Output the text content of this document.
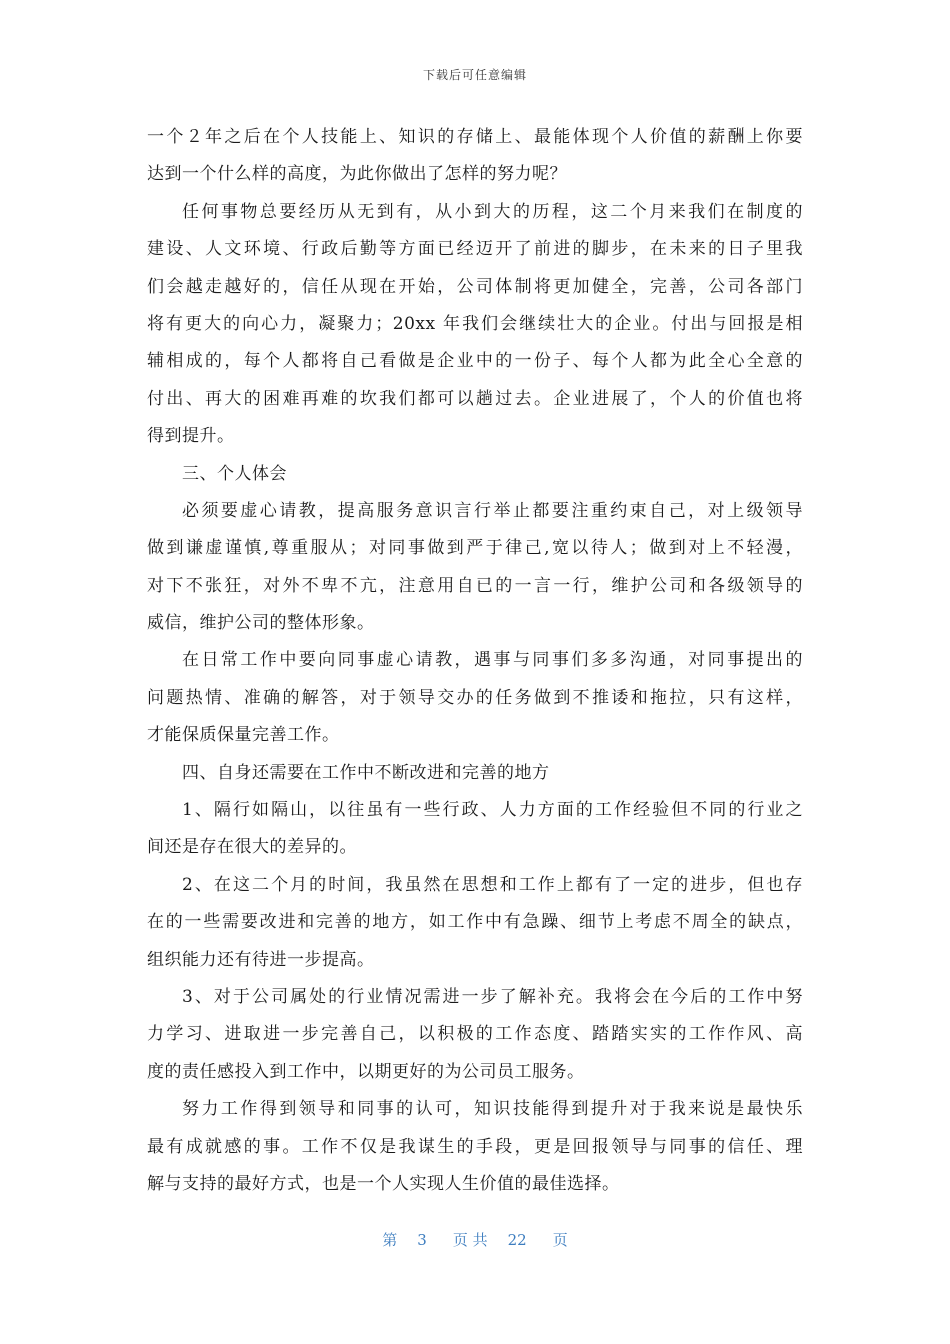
下载后可任意编辑
一个２年之后在个人技能上、知识的存储上、最能体现个人价值的薪酬上你要
达到一个什么样的高度，为此你做出了怎样的努力呢？
任何事物总要经历从无到有，从小到大的历程，这二个月来我们在制度的
建设、人文环境、行政后勤等方面已经迈开了前进的脚步，在未来的日子里我
们会越走越好的，信任从现在开始，公司体制将更加健全，完善，公司各部门
将有更大的向心力，凝聚力；20xx 年我们会继续壮大的企业。付出与回报是相
辅相成的，每个人都将自己看做是企业中的一份子、每个人都为此全心全意的
付出、再大的困难再难的坎我们都可以趟过去。企业进展了，个人的价值也将
得到提升。
三、个人体会
必须要虚心请教，提高服务意识言行举止都要注重约束自己，对上级领导
做到谦虚谨慎,尊重服从；对同事做到严于律己,宽以待人；做到对上不轻漫，
对下不张狂，对外不卑不亢，注意用自已的一言一行，维护公司和各级领导的
威信，维护公司的整体形象。
在日常工作中要向同事虚心请教，遇事与同事们多多沟通，对同事提出的
问题热情、准确的解答，对于领导交办的任务做到不推诿和拖拉，只有这样，
才能保质保量完善工作。
四、自身还需要在工作中不断改进和完善的地方
1、隔行如隔山，以往虽有一些行政、人力方面的工作经验但不同的行业之
间还是存在很大的差异的。
2、在这二个月的时间，我虽然在思想和工作上都有了一定的进步，但也存
在的一些需要改进和完善的地方，如工作中有急躁、细节上考虑不周全的缺点，
组织能力还有待进一步提高。
3、对于公司属处的行业情况需进一步了解补充。我将会在今后的工作中努
力学习、进取进一步完善自己，以积极的工作态度、踏踏实实的工作作风、高
度的责任感投入到工作中，以期更好的为公司员工服务。
努力工作得到领导和同事的认可，知识技能得到提升对于我来说是最快乐
最有成就感的事。工作不仅是我谋生的手段，更是回报领导与同事的信任、理
解与支持的最好方式，也是一个人实现人生价值的最佳选择。
第 3 页 共 22 页
